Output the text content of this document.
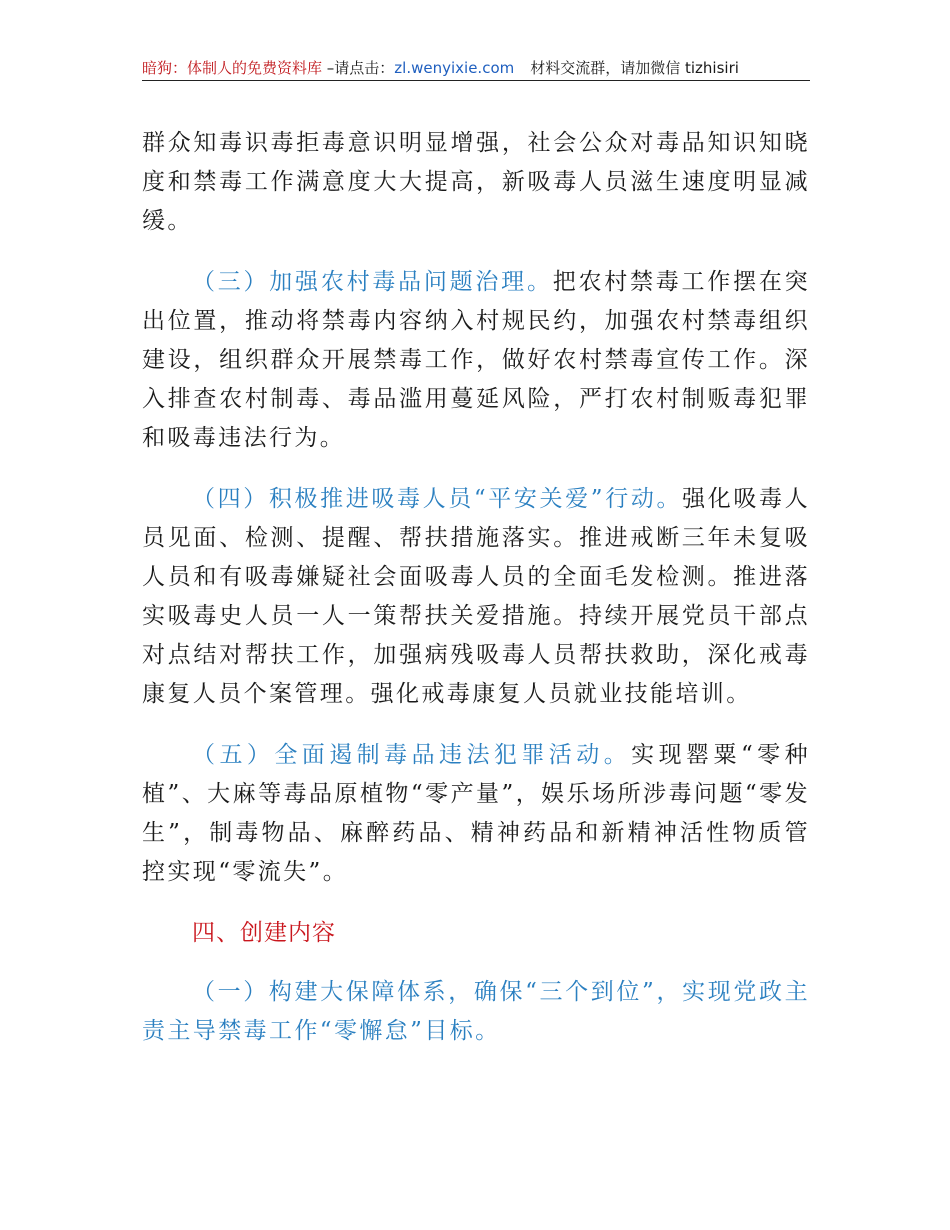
暗狗：体制人的免费资料库 –请点击：zl.wenyixie.com 材料交流群，请加微信 tizhisiri

群众知毒识毒拒毒意识明显增强，社会公众对毒品知识知晓度和禁毒工作满意度大大提高，新吸毒人员滋生速度明显减缓。

（三）加强农村毒品问题治理。把农村禁毒工作摆在突出位置，推动将禁毒内容纳入村规民约，加强农村禁毒组织建设，组织群众开展禁毒工作，做好农村禁毒宣传工作。深入排查农村制毒、毒品滥用蔓延风险，严打农村制贩毒犯罪和吸毒违法行为。

（四）积极推进吸毒人员“平安关爱”行动。强化吸毒人员见面、检测、提醒、帮扶措施落实。推进戒断三年未复吸人员和有吸毒嫌疑社会面吸毒人员的全面毛发检测。推进落实吸毒史人员一人一策帮扶关爱措施。持续开展党员干部点对点结对帮扶工作，加强病残吸毒人员帮扶救助，深化戒毒康复人员个案管理。强化戒毒康复人员就业技能培训。

（五）全面遏制毒品违法犯罪活动。实现罂粟“零种植”、大麻等毒品原植物“零产量”，娱乐场所涉毒问题“零发生”，制毒物品、麻醉药品、精神药品和新精神活性物质管控实现“零流失”。

四、创建内容

（一）构建大保障体系，确保“三个到位”，实现党政主责主导禁毒工作“零懈怠”目标。
